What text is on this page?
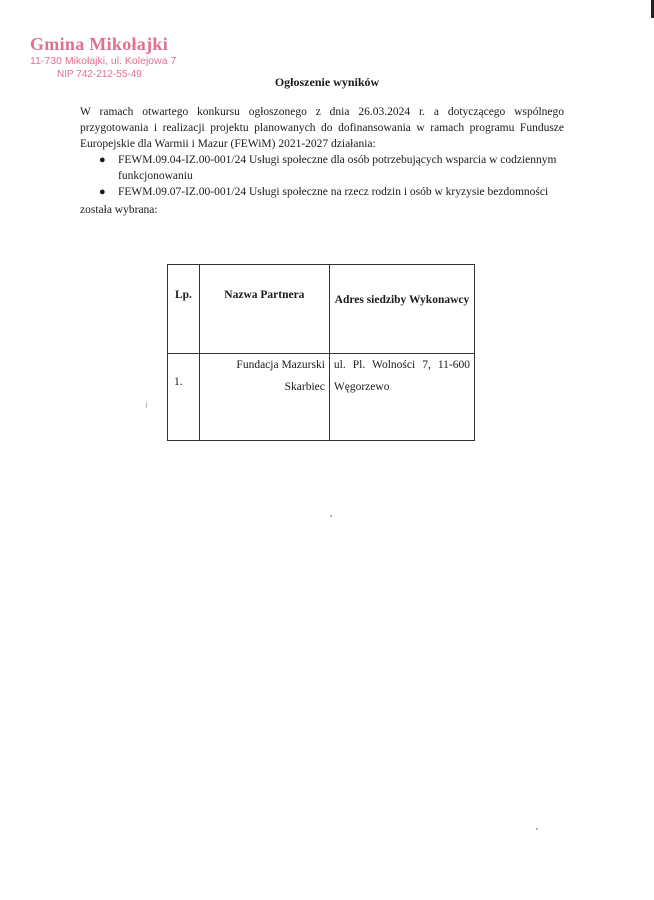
Gmina Mikołajki
11-730 Mikołajki, ul. Kolejowa 7
NIP 742-212-55-49
Ogłoszenie wyników

W ramach otwartego konkursu ogłoszonego z dnia 26.03.2024 r. a dotyczącego wspólnego przygotowania i realizacji projektu planowanych do dofinansowania w ramach programu Fundusze Europejskie dla Warmii i Mazur (FEWiM) 2021-2027 działania:

● FEWM.09.04-IZ.00-001/24 Usługi społeczne dla osób potrzebujących wsparcia w codziennym funkcjonowaniu
● FEWM.09.07-IZ.00-001/24 Usługi społeczne na rzecz rodzin i osób w kryzysie bezdomności

została wybrana:

Lp.	Nazwa Partnera	Adres siedziby Wykonawcy
1.	Fundacja Mazurski Skarbiec	ul. Pl. Wolności 7, 11-600 Węgorzewo
